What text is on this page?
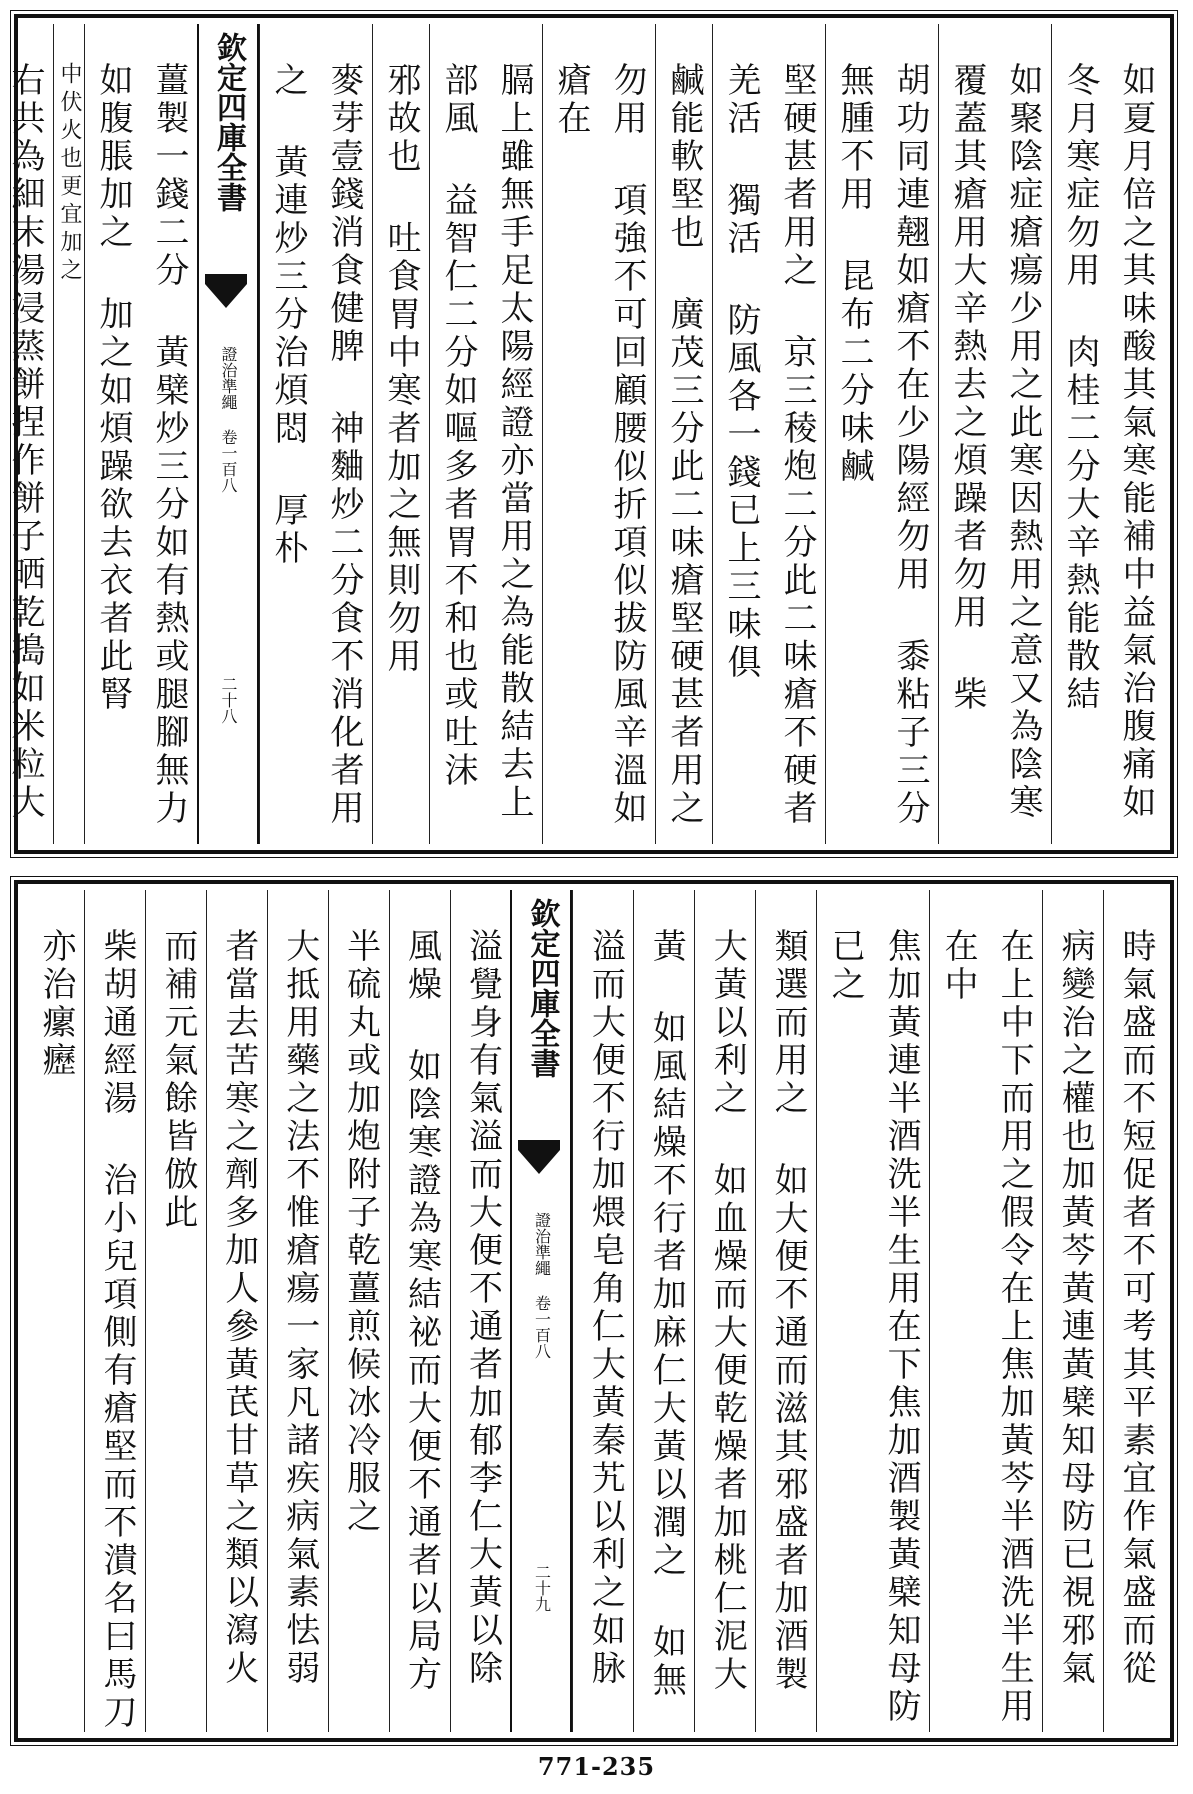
如夏月倍之其味酸其氣寒能補中益氣治腹痛如冬月寒症勿用 肉桂二分大辛熱能散結
如聚陰症瘡瘍少用之此寒因熱用之意又為陰寒覆蓋其瘡用大辛熱去之煩躁者勿用 柴
胡功同連翹如瘡不在少陽經勿用 黍粘子三分無腫不用 昆布二分味鹹
堅硬甚者用之 京三稜炮二分此二味瘡不硬者 羌活 獨活 防風各一錢已上三味俱
鹹能軟堅也 廣茂三分此二味瘡堅硬甚者用之
勿用 項強不可回顧腰似折項似拔防風辛溫如瘡在
膈上雖無手足太陽經證亦當用之為能散結去上部風 益智仁二分如嘔多者胃不和也或吐沫
邪故也 吐食胃中寒者加之無則勿用
麥芽壹錢消食健脾 神麯炒二分食不消化者用之 黃連炒三分治煩悶 厚朴
欽定四庫全書
證治準繩 卷一百八
二十八
薑製一錢二分 黃檗炒三分如有熱或腿腳無力如腹脹加之 加之如煩躁欲去衣者此腎
中伏火也更宜加之
右共為細末湯浸蒸餅捏作餅子晒乾搗如米粒大
時氣盛而不短促者不可考其平素宜作氣盛而從
病變治之權也加黃芩黃連黃檗知母防已視邪氣
在上中下而用之假令在上焦加黃芩半酒洗半生用在中
焦加黃連半酒洗半生用在下焦加酒製黃檗知母防已之
類選而用之 如大便不通而滋其邪盛者加酒製
大黃以利之 如血燥而大便乾燥者加桃仁泥大
黃 如風結燥不行者加麻仁大黃以潤之 如無
溢而大便不行加煨皂角仁大黃秦艽以利之如脉
欽定四庫全書
證治準繩 卷一百八
二十九
溢覺身有氣溢而大便不通者加郁李仁大黃以除
風燥 如陰寒證為寒結祕而大便不通者以局方
半硫丸或加炮附子乾薑煎候冰冷服之
大抵用藥之法不惟瘡瘍一家凡諸疾病氣素怯弱
者當去苦寒之劑多加人參黃芪甘草之類以瀉火
而補元氣餘皆倣此
柴胡通經湯 治小兒項側有瘡堅而不潰名曰馬刀
亦治瘰癧
771-235
